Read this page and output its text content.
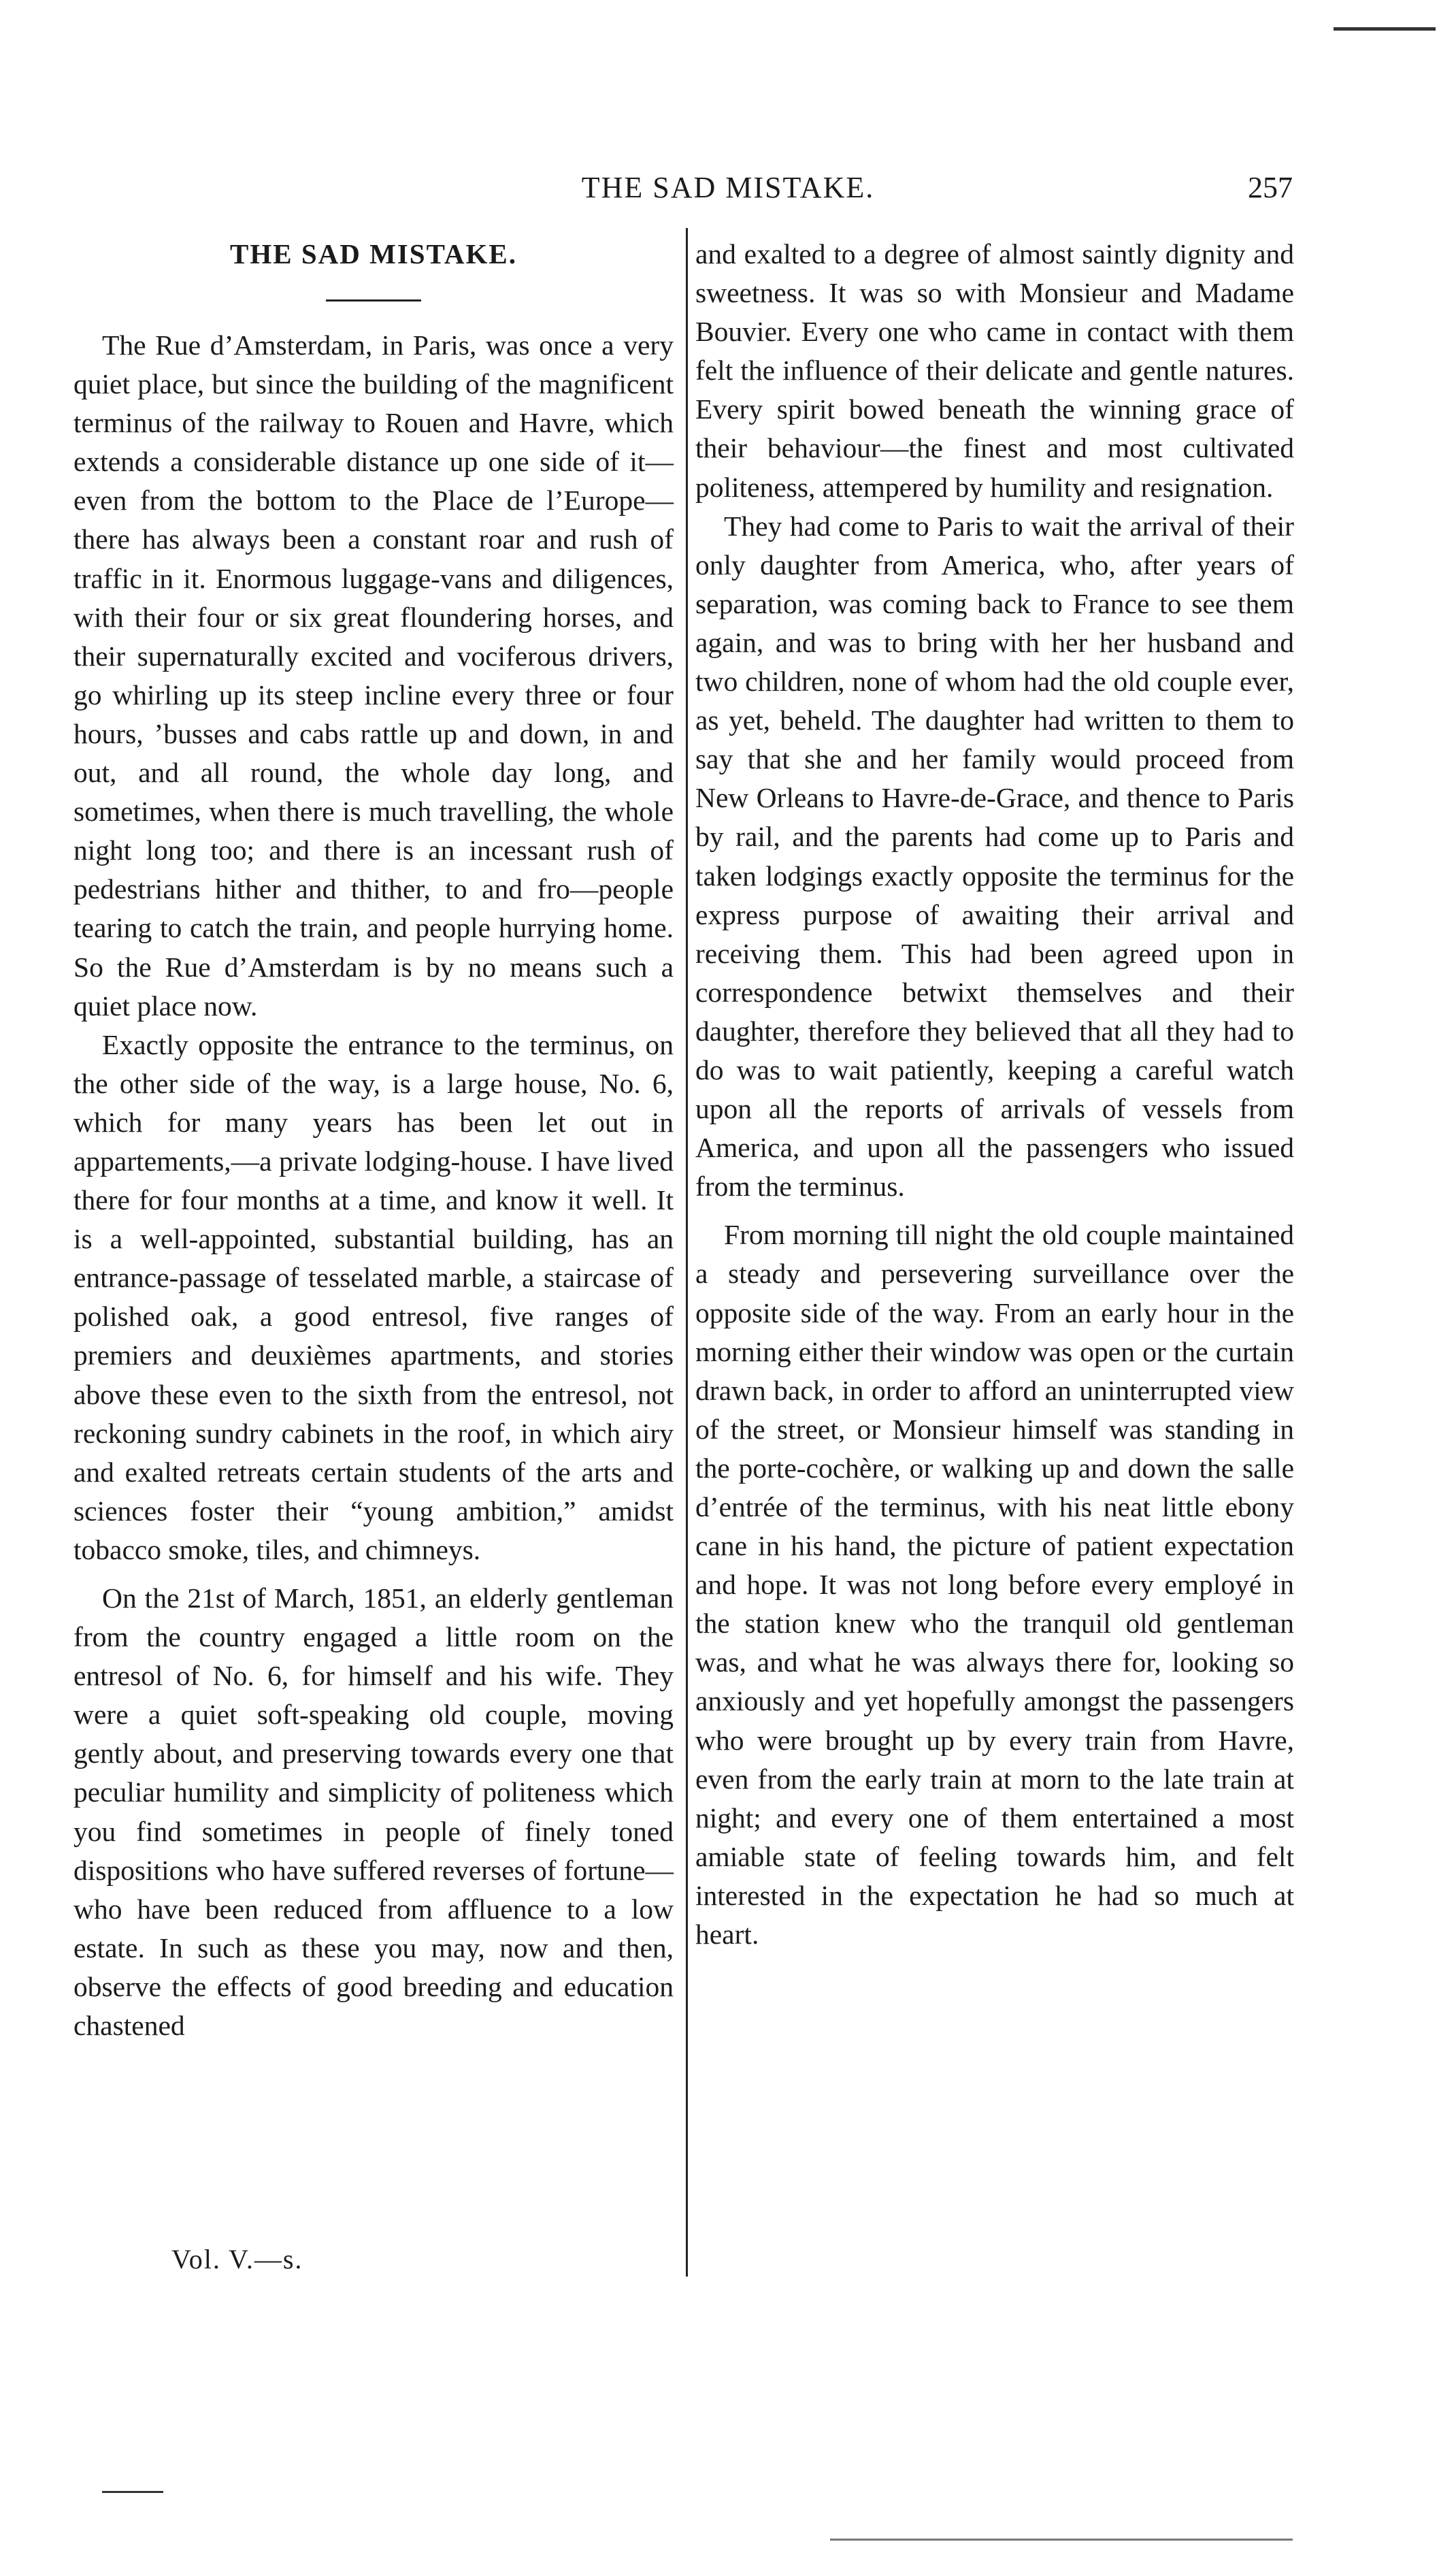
THE SAD MISTAKE.	257
THE SAD MISTAKE.

The Rue d’Amsterdam, in Paris, was once a very quiet place, but since the building of the magnificent terminus of the railway to Rouen and Havre, which extends a considerable distance up one side of it—even from the bottom to the Place de l’Europe—there has always been a constant roar and rush of traffic in it. Enormous luggage-vans and diligences, with their four or six great floundering horses, and their supernaturally excited and vociferous drivers, go whirling up its steep incline every three or four hours, ’busses and cabs rattle up and down, in and out, and all round, the whole day long, and sometimes, when there is much travelling, the whole night long too; and there is an incessant rush of pedestrians hither and thither, to and fro—people tearing to catch the train, and people hurrying home. So the Rue d’Amsterdam is by no means such a quiet place now.

Exactly opposite the entrance to the terminus, on the other side of the way, is a large house, No. 6, which for many years has been let out in appartements,—a private lodging-house. I have lived there for four months at a time, and know it well. It is a well-appointed, substantial building, has an entrance-passage of tesselated marble, a staircase of polished oak, a good entresol, five ranges of premiers and deuxièmes apartments, and stories above these even to the sixth from the entresol, not reckoning sundry cabinets in the roof, in which airy and exalted retreats certain students of the arts and sciences foster their “young ambition,” amidst tobacco smoke, tiles, and chimneys.

On the 21st of March, 1851, an elderly gentleman from the country engaged a little room on the entresol of No. 6, for himself and his wife. They were a quiet soft-speaking old couple, moving gently about, and preserving towards every one that peculiar humility and simplicity of politeness which you find sometimes in people of finely toned dispositions who have suffered reverses of fortune—who have been reduced from affluence to a low estate. In such as these you may, now and then, observe the effects of good breeding and education chastened

and exalted to a degree of almost saintly dignity and sweetness. It was so with Monsieur and Madame Bouvier. Every one who came in contact with them felt the influence of their delicate and gentle natures. Every spirit bowed beneath the winning grace of their behaviour—the finest and most cultivated politeness, attempered by humility and resignation.

They had come to Paris to wait the arrival of their only daughter from America, who, after years of separation, was coming back to France to see them again, and was to bring with her her husband and two children, none of whom had the old couple ever, as yet, beheld. The daughter had written to them to say that she and her family would proceed from New Orleans to Havre-de-Grace, and thence to Paris by rail, and the parents had come up to Paris and taken lodgings exactly opposite the terminus for the express purpose of awaiting their arrival and receiving them. This had been agreed upon in correspondence betwixt themselves and their daughter, therefore they believed that all they had to do was to wait patiently, keeping a careful watch upon all the reports of arrivals of vessels from America, and upon all the passengers who issued from the terminus.

From morning till night the old couple maintained a steady and persevering surveillance over the opposite side of the way. From an early hour in the morning either their window was open or the curtain drawn back, in order to afford an uninterrupted view of the street, or Monsieur himself was standing in the porte-cochère, or walking up and down the salle d’entrée of the terminus, with his neat little ebony cane in his hand, the picture of patient expectation and hope. It was not long before every employé in the station knew who the tranquil old gentleman was, and what he was always there for, looking so anxiously and yet hopefully amongst the passengers who were brought up by every train from Havre, even from the early train at morn to the late train at night; and every one of them entertained a most amiable state of feeling towards him, and felt interested in the expectation he had so much at heart.

Vol. V.—s.
